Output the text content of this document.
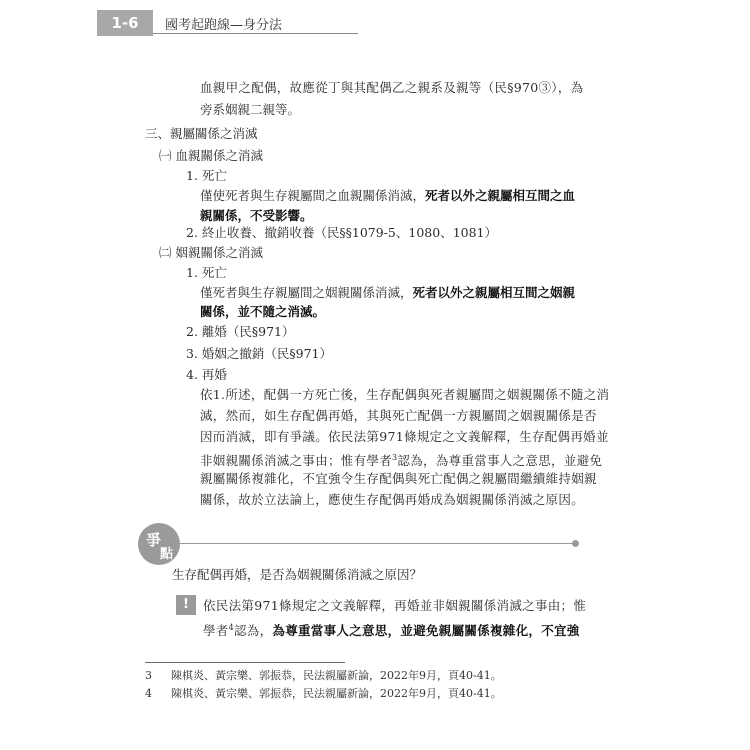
1-6	國考起跑線—身分法
血親甲之配偶，故應從丁與其配偶乙之親系及親等（民§970③），為
旁系姻親二親等。
三、親屬關係之消滅
㈠ 血親關係之消滅
1. 死亡
僅使死者與生存親屬間之血親關係消滅，死者以外之親屬相互間之血
親關係，不受影響。
2. 終止收養、撤銷收養（民§§1079-5、1080、1081）
㈡ 姻親關係之消滅
1. 死亡
僅死者與生存親屬間之姻親關係消滅，死者以外之親屬相互間之姻親
關係，並不隨之消滅。
2. 離婚（民§971）
3. 婚姻之撤銷（民§971）
4. 再婚
依1.所述，配偶一方死亡後，生存配偶與死者親屬間之姻親關係不隨之消
滅，然而，如生存配偶再婚，其與死亡配偶一方親屬間之姻親關係是否
因而消滅，即有爭議。依民法第971條規定之文義解釋，生存配偶再婚並
非姻親關係消滅之事由；惟有學者$^3$認為，為尊重當事人之意思，並避免
親屬關係複雜化，不宜強令生存配偶與死亡配偶之親屬間繼續維持姻親
關係，故於立法論上，應使生存配偶再婚成為姻親關係消滅之原因。
爭
點
生存配偶再婚，是否為姻親關係消滅之原因？
!	依民法第971條規定之文義解釋，再婚並非姻親關係消滅之事由；惟
學者$^4$認為，為尊重當事人之意思，並避免親屬關係複雜化，不宜強
3 陳棋炎、黃宗樂、郭振恭，民法親屬新論，2022年9月，頁40-41。
4 陳棋炎、黃宗樂、郭振恭，民法親屬新論，2022年9月，頁40-41。
